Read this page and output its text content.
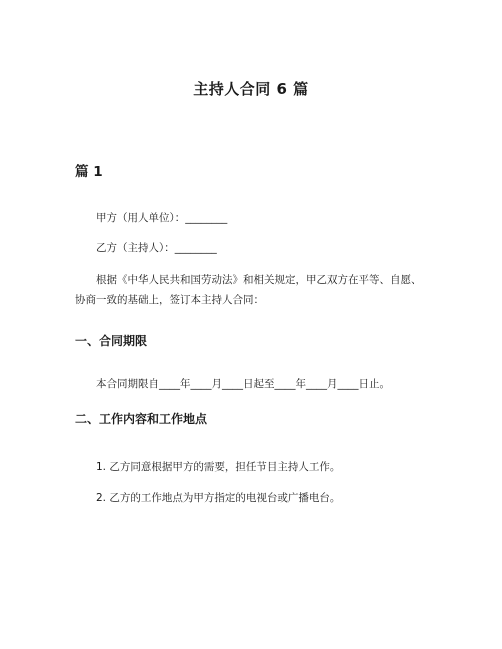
主持人合同 6 篇
篇 1
甲方（用人单位）：________
乙方（主持人）：________
根据《中华人民共和国劳动法》和相关规定，甲乙双方在平等、自愿、协商一致的基础上，签订本主持人合同：
一、合同期限
本合同期限自____年____月____日起至____年____月____日止。
二、工作内容和工作地点
1. 乙方同意根据甲方的需要，担任节目主持人工作。
2. 乙方的工作地点为甲方指定的电视台或广播电台。
